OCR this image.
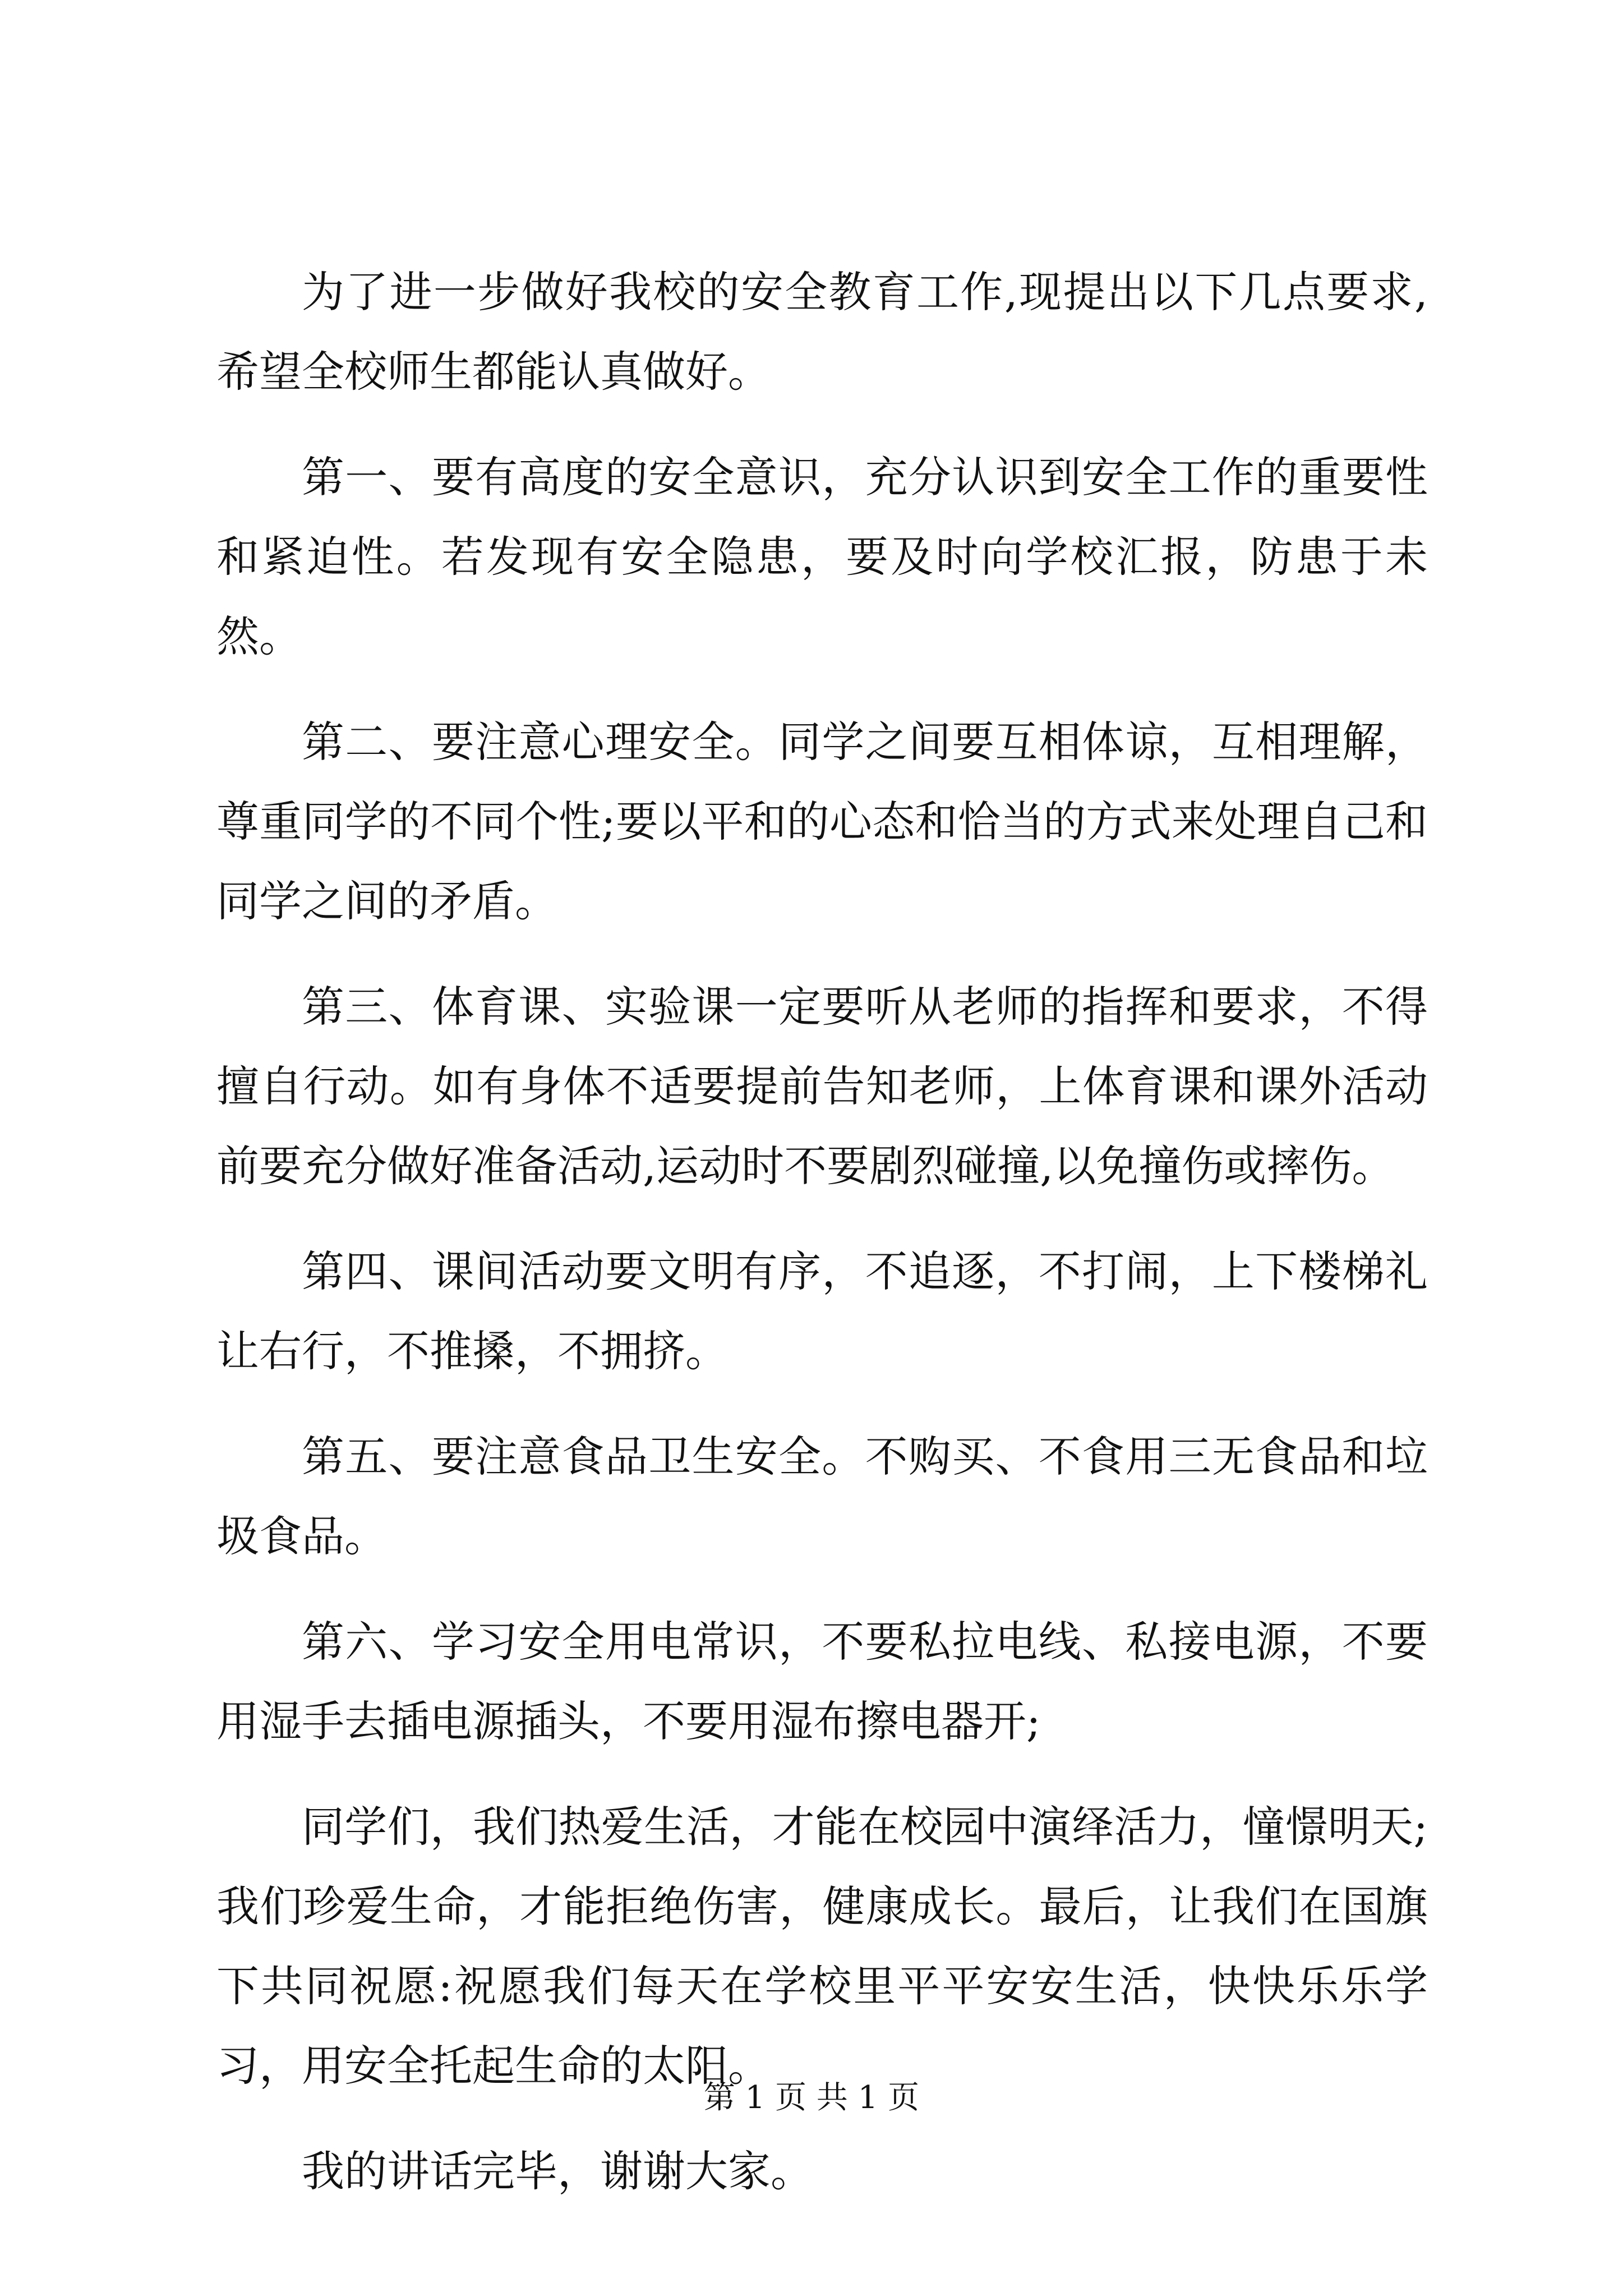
为了进一步做好我校的安全教育工作,现提出以下几点要求,希望全校师生都能认真做好。

第一、要有高度的安全意识，充分认识到安全工作的重要性和紧迫性。若发现有安全隐患，要及时向学校汇报，防患于未然。

第二、要注意心理安全。同学之间要互相体谅，互相理解，尊重同学的不同个性;要以平和的心态和恰当的方式来处理自己和同学之间的矛盾。

第三、体育课、实验课一定要听从老师的指挥和要求，不得擅自行动。如有身体不适要提前告知老师，上体育课和课外活动前要充分做好准备活动,运动时不要剧烈碰撞,以免撞伤或摔伤。

第四、课间活动要文明有序，不追逐，不打闹，上下楼梯礼让右行，不推搡，不拥挤。

第五、要注意食品卫生安全。不购买、不食用三无食品和垃圾食品。

第六、学习安全用电常识，不要私拉电线、私接电源，不要用湿手去插电源插头，不要用湿布擦电器开;

同学们，我们热爱生活，才能在校园中演绎活力，憧憬明天;我们珍爱生命，才能拒绝伤害，健康成长。最后，让我们在国旗下共同祝愿:祝愿我们每天在学校里平平安安生活，快快乐乐学习，用安全托起生命的太阳。

我的讲话完毕，谢谢大家。

第 1 页 共 1 页
